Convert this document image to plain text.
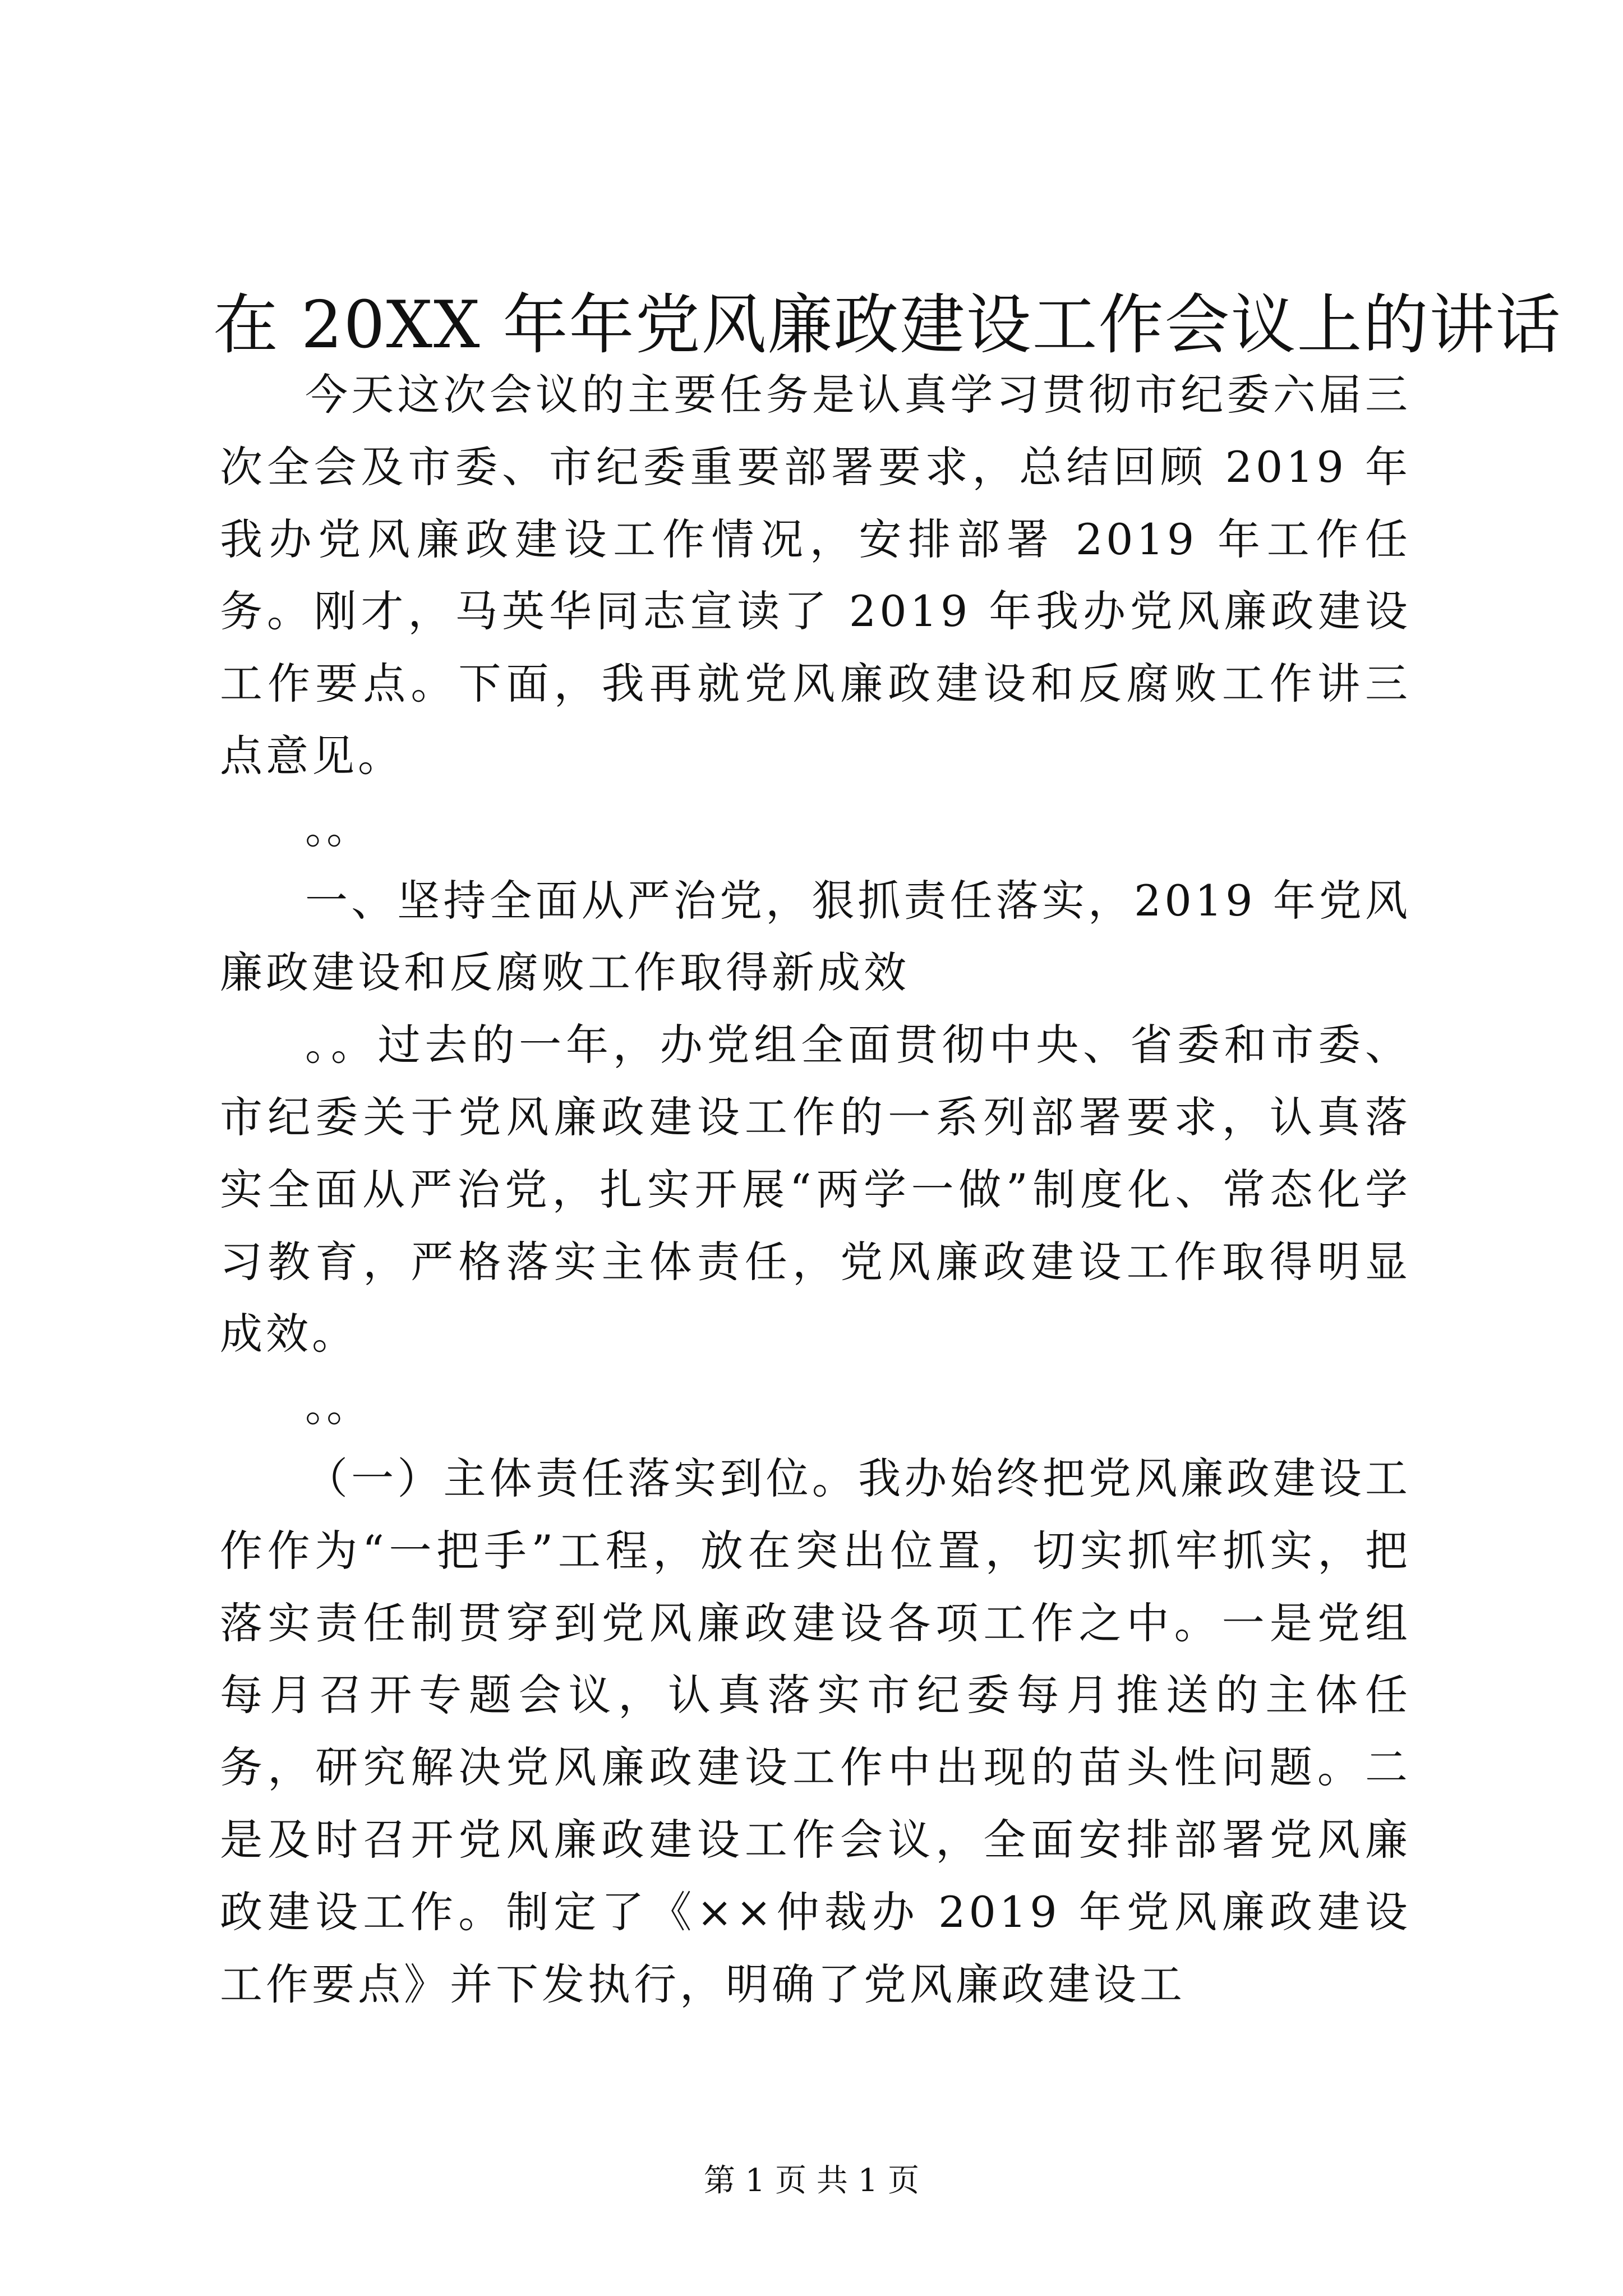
在 20XX 年年党风廉政建设工作会议上的讲话

今天这次会议的主要任务是认真学习贯彻市纪委六届三次全会及市委、市纪委重要部署要求，总结回顾 2019 年我办党风廉政建设工作情况，安排部署 2019 年工作任务。刚才，马英华同志宣读了 2019 年我办党风廉政建设工作要点。下面，我再就党风廉政建设和反腐败工作讲三点意见。

。。

一、坚持全面从严治党，狠抓责任落实，2019 年党风廉政建设和反腐败工作取得新成效

。。过去的一年，办党组全面贯彻中央、省委和市委、市纪委关于党风廉政建设工作的一系列部署要求，认真落实全面从严治党，扎实开展“两学一做”制度化、常态化学习教育，严格落实主体责任，党风廉政建设工作取得明显成效。

。。

（一）主体责任落实到位。我办始终把党风廉政建设工作作为“一把手”工程，放在突出位置，切实抓牢抓实，把落实责任制贯穿到党风廉政建设各项工作之中。一是党组每月召开专题会议，认真落实市纪委每月推送的主体任务，研究解决党风廉政建设工作中出现的苗头性问题。二是及时召开党风廉政建设工作会议，全面安排部署党风廉政建设工作。制定了《××仲裁办 2019 年党风廉政建设工作要点》并下发执行，明确了党风廉政建设工

第 1 页 共 1 页
